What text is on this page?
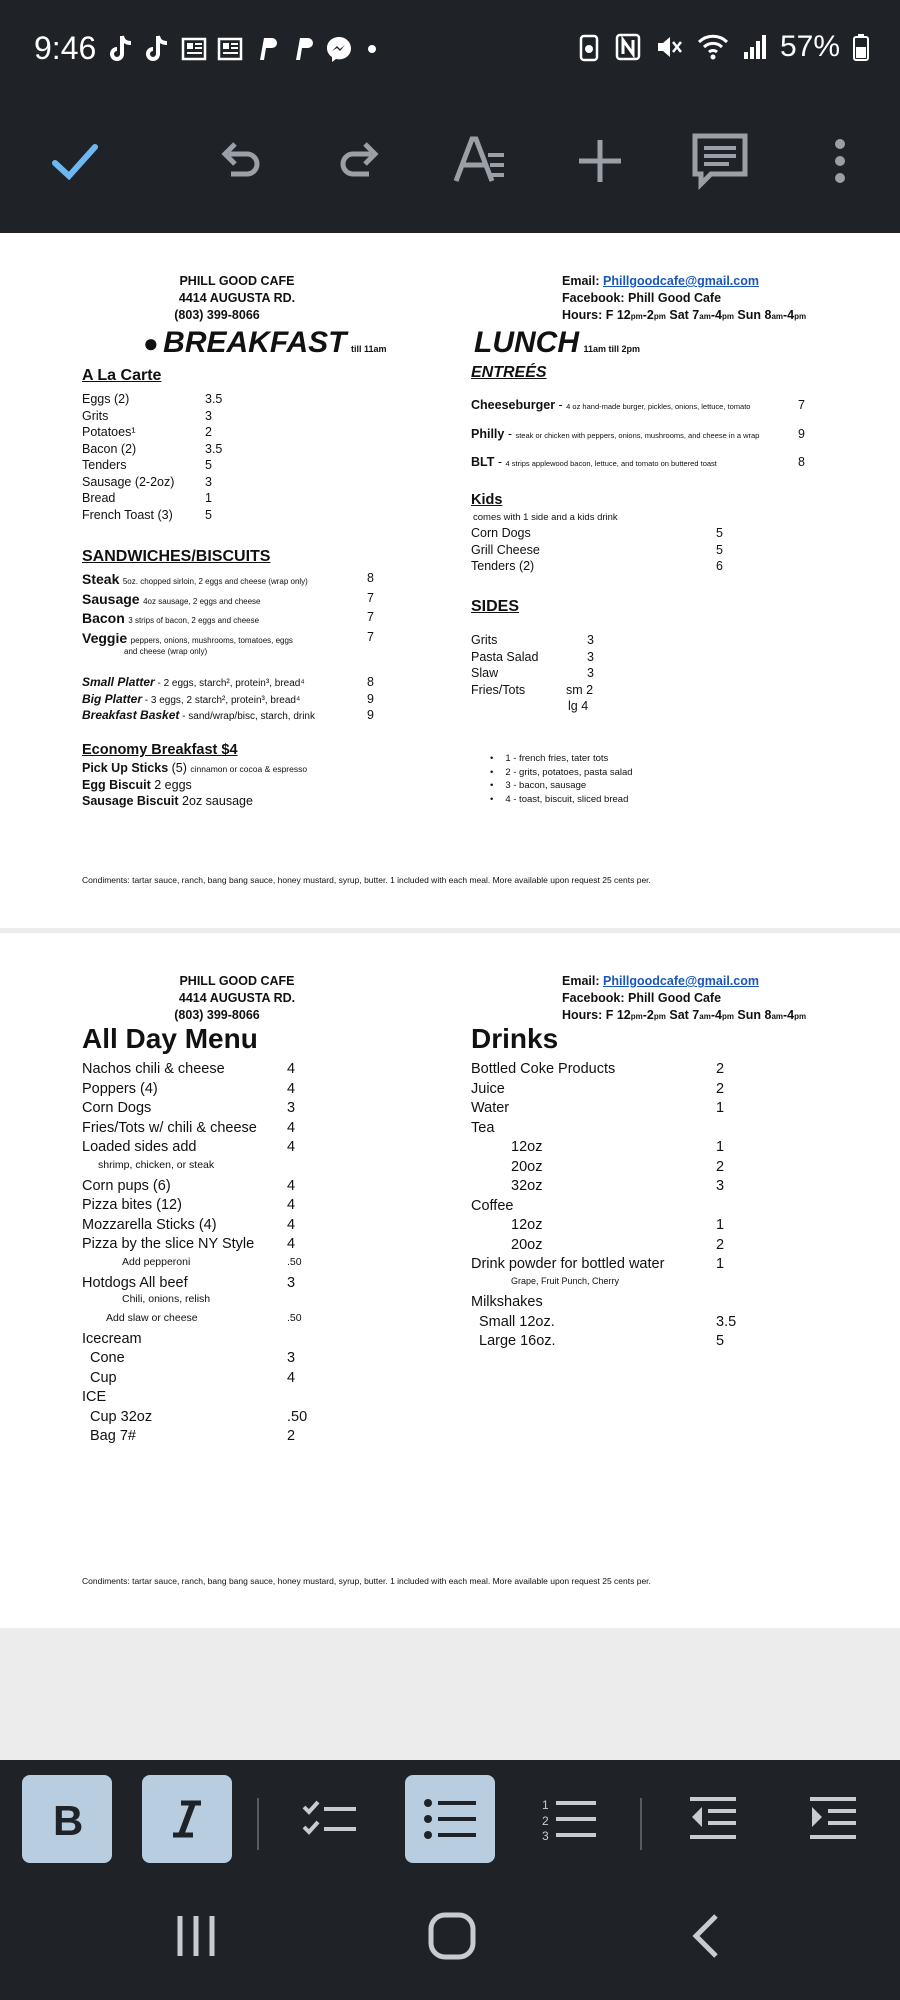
9:46	57%
PHILL GOOD CAFE
4414 AUGUSTA RD.
(803) 399-8066
Email: Phillgoodcafe@gmail.com
Facebook: Phill Good Cafe
Hours: F 12pm-2pm Sat 7am-4pm Sun 8am-4pm
● BREAKFAST till 11am	LUNCH 11am till 2pm
A La Carte
Eggs (2)	3.5
Grits	3
Potatoes¹	2
Bacon (2)	3.5
Tenders	5
Sausage (2-2oz) 3
Bread	1
French Toast (3)	5
SANDWICHES/BISCUITS
Steak 5oz. chopped sirloin, 2 eggs and cheese (wrap only)	8
Sausage 4oz sausage, 2 eggs and cheese	7
Bacon 3 strips of bacon, 2 eggs and cheese	7
Veggie peppers, onions, mushrooms, tomatoes, eggs	7
and cheese (wrap only)
Small Platter - 2 eggs, starch², protein³, bread⁴	8
Big Platter - 3 eggs, 2 starch², protein³, bread⁴	9
Breakfast Basket - sand/wrap/bisc, starch, drink	9
Economy Breakfast $4
Pick Up Sticks (5) cinnamon or cocoa & espresso
Egg Biscuit 2 eggs
Sausage Biscuit 2oz sausage
ENTREÉS
Cheeseburger - 4 oz hand-made burger, pickles, onions, lettuce, tomato	7
Philly - steak or chicken with peppers, onions, mushrooms, and cheese in a wrap	9
BLT - 4 strips applewood bacon, lettuce, and tomato on buttered toast	8
Kids
comes with 1 side and a kids drink
Corn Dogs	5
Grill Cheese	5
Tenders (2)	6
SIDES
Grits	3
Pasta Salad	3
Slaw	3
Fries/Tots	sm 2
lg 4
• 1 - french fries, tater tots
• 2 - grits, potatoes, pasta salad
• 3 - bacon, sausage
• 4 - toast, biscuit, sliced bread
Condiments: tartar sauce, ranch, bang bang sauce, honey mustard, syrup, butter. 1 included with each meal. More available upon request 25 cents per.
PHILL GOOD CAFE
4414 AUGUSTA RD.
(803) 399-8066
Email: Phillgoodcafe@gmail.com
Facebook: Phill Good Cafe
Hours: F 12pm-2pm Sat 7am-4pm Sun 8am-4pm
All Day Menu	Drinks
Nachos chili & cheese	4
Poppers (4)	4
Corn Dogs	3
Fries/Tots w/ chili & cheese 4
Loaded sides add	4
shrimp, chicken, or steak
Corn pups (6)	4
Pizza bites (12)	4
Mozzarella Sticks (4)	4
Pizza by the slice NY Style 4
Add pepperoni	.50
Hotdogs All beef	3
Chili, onions, relish
Add slaw or cheese	.50
Icecream
Cone	3
Cup	4
ICE
Cup 32oz	.50
Bag 7#	2
Bottled Coke Products	2
Juice	2
Water	1
Tea
12oz	1
20oz	2
32oz	3
Coffee
12oz	1
20oz	2
Drink powder for bottled water	1
Grape, Fruit Punch, Cherry
Milkshakes
Small 12oz.	3.5
Large 16oz.	5
Condiments: tartar sauce, ranch, bang bang sauce, honey mustard, syrup, butter. 1 included with each meal. More available upon request 25 cents per.
B	1
2
3
